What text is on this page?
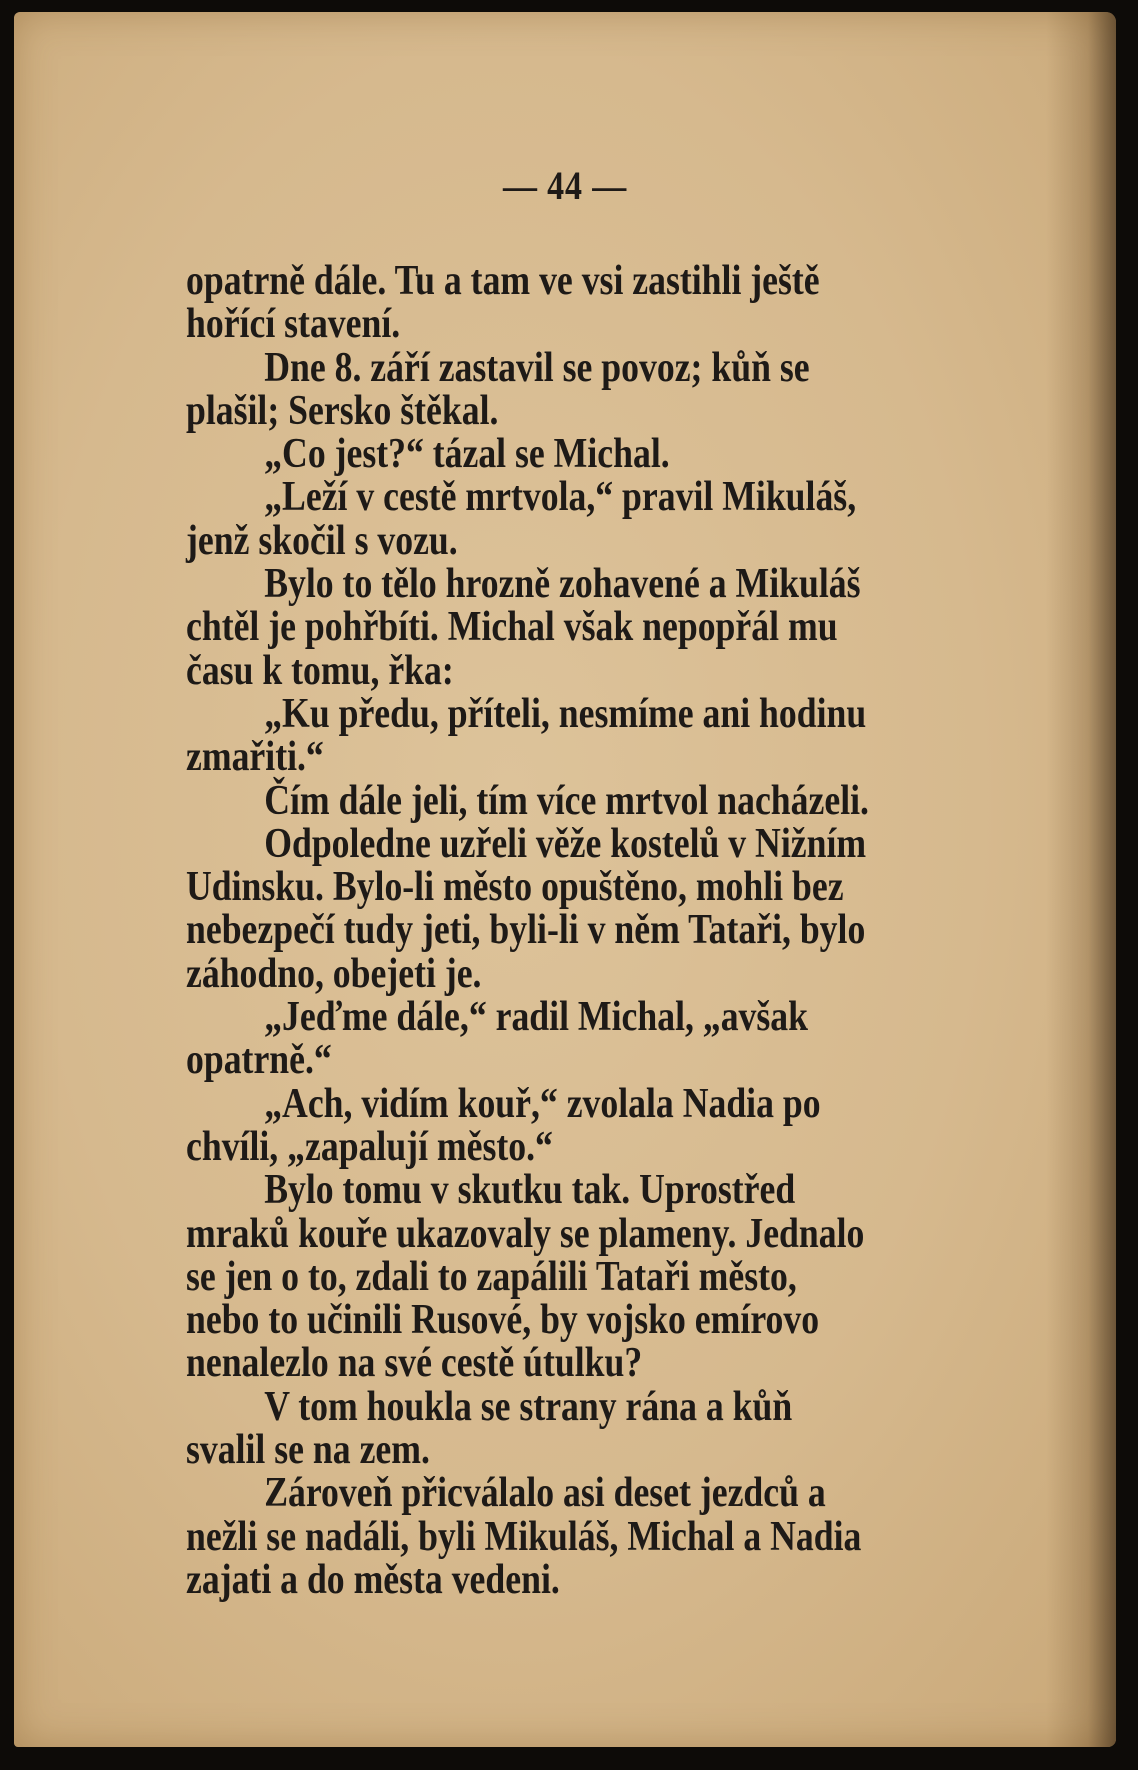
— 44 —
opatrně dále. Tu a tam ve vsi zastihli ještě
hořící stavení.
Dne 8. září zastavil se povoz; kůň se
plašil; Sersko štěkal.
„Co jest?“ tázal se Michal.
„Leží v cestě mrtvola,“ pravil Mikuláš,
jenž skočil s vozu.
Bylo to tělo hrozně zohavené a Mikuláš
chtěl je pohřbíti. Michal však nepopřál mu
času k tomu, řka:
„Ku předu, příteli, nesmíme ani hodinu
zmařiti.“
Čím dále jeli, tím více mrtvol nacházeli.
Odpoledne uzřeli věže kostelů v Nižním
Udinsku. Bylo-li město opuštěno, mohli bez
nebezpečí tudy jeti, byli-li v něm Tataři, bylo
záhodno, obejeti je.
„Jeďme dále,“ radil Michal, „avšak
opatrně.“
„Ach, vidím kouř,“ zvolala Nadia po
chvíli, „zapalují město.“
Bylo tomu v skutku tak. Uprostřed
mraků kouře ukazovaly se plameny. Jednalo
se jen o to, zdali to zapálili Tataři město,
nebo to učinili Rusové, by vojsko emírovo
nenalezlo na své cestě útulku?
V tom houkla se strany rána a kůň
svalil se na zem.
Zároveň přicválalo asi deset jezdců a
nežli se nadáli, byli Mikuláš, Michal a Nadia
zajati a do města vedeni.
